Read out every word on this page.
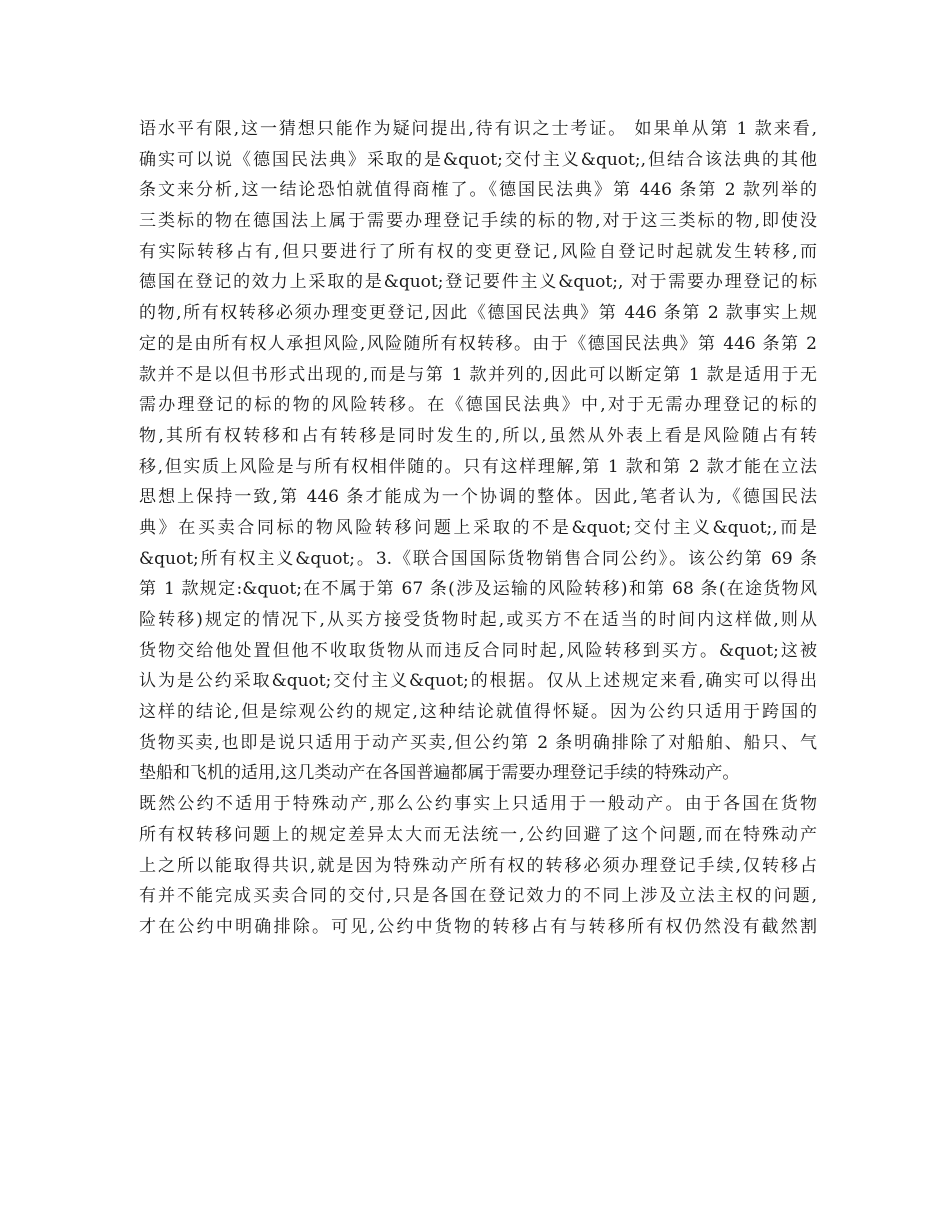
语水平有限,这一猜想只能作为疑问提出,待有识之士考证。 如果单从第 1 款来看,
确实可以说《德国民法典》采取的是&quot;交付主义&quot;,但结合该法典的其他
条文来分析,这一结论恐怕就值得商榷了。《德国民法典》第 446 条第 2 款列举的
三类标的物在德国法上属于需要办理登记手续的标的物,对于这三类标的物,即使没
有实际转移占有,但只要进行了所有权的变更登记,风险自登记时起就发生转移,而
德国在登记的效力上采取的是&quot;登记要件主义&quot;, 对于需要办理登记的标
的物,所有权转移必须办理变更登记,因此《德国民法典》第 446 条第 2 款事实上规
定的是由所有权人承担风险,风险随所有权转移。由于《德国民法典》第 446 条第 2
款并不是以但书形式出现的,而是与第 1 款并列的,因此可以断定第 1 款是适用于无
需办理登记的标的物的风险转移。在《德国民法典》中,对于无需办理登记的标的
物,其所有权转移和占有转移是同时发生的,所以,虽然从外表上看是风险随占有转
移,但实质上风险是与所有权相伴随的。只有这样理解,第 1 款和第 2 款才能在立法
思想上保持一致,第 446 条才能成为一个协调的整体。因此,笔者认为,《德国民法
典》在买卖合同标的物风险转移问题上采取的不是&quot;交付主义&quot;,而是
&quot;所有权主义&quot;。3.《联合国国际货物销售合同公约》。该公约第 69 条
第 1 款规定:&quot;在不属于第 67 条(涉及运输的风险转移)和第 68 条(在途货物风
险转移)规定的情况下,从买方接受货物时起,或买方不在适当的时间内这样做,则从
货物交给他处置但他不收取货物从而违反合同时起,风险转移到买方。&quot;这被
认为是公约采取&quot;交付主义&quot;的根据。仅从上述规定来看,确实可以得出
这样的结论,但是综观公约的规定,这种结论就值得怀疑。因为公约只适用于跨国的
货物买卖,也即是说只适用于动产买卖,但公约第 2 条明确排除了对船舶、船只、气
垫船和飞机的适用,这几类动产在各国普遍都属于需要办理登记手续的特殊动产。
既然公约不适用于特殊动产,那么公约事实上只适用于一般动产。由于各国在货物
所有权转移问题上的规定差异太大而无法统一,公约回避了这个问题,而在特殊动产
上之所以能取得共识,就是因为特殊动产所有权的转移必须办理登记手续,仅转移占
有并不能完成买卖合同的交付,只是各国在登记效力的不同上涉及立法主权的问题,
才在公约中明确排除。可见,公约中货物的转移占有与转移所有权仍然没有截然割
